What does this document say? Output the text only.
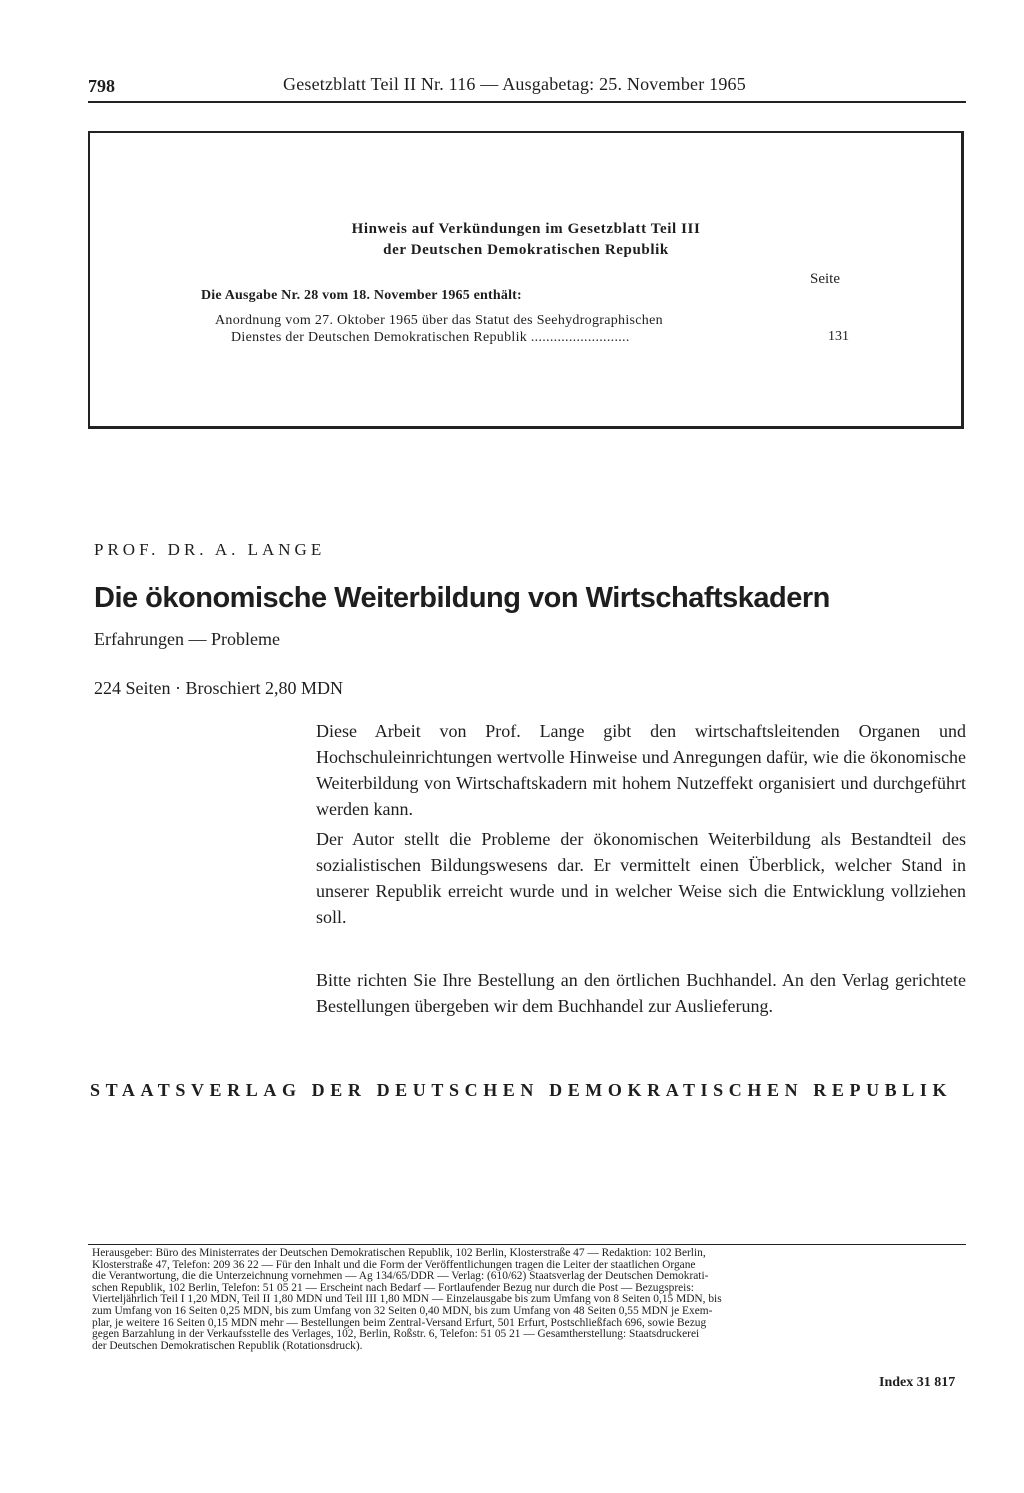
798	Gesetzblatt Teil II Nr. 116 — Ausgabetag: 25. November 1965
Hinweis auf Verkündungen im Gesetzblatt Teil III
der Deutschen Demokratischen Republik
Seite
Die Ausgabe Nr. 28 vom 18. November 1965 enthält:
Anordnung vom 27. Oktober 1965 über das Statut des Seehydrographischen
Dienstes der Deutschen Demokratischen Republik ..........................	131
PROF. DR. A. LANGE
Die ökonomische Weiterbildung von Wirtschaftskadern
Erfahrungen — Probleme
224 Seiten · Broschiert 2,80 MDN

Diese Arbeit von Prof. Lange gibt den wirtschaftsleitenden Organen und Hochschuleinrichtungen wertvolle Hinweise und Anregungen dafür, wie die ökonomische Weiterbildung von Wirtschaftskadern mit hohem Nutzeffekt organisiert und durchgeführt werden kann.

Der Autor stellt die Probleme der ökonomischen Weiterbildung als Bestandteil des sozialistischen Bildungswesens dar. Er vermittelt einen Überblick, welcher Stand in unserer Republik erreicht wurde und in welcher Weise sich die Entwicklung vollziehen soll.

Bitte richten Sie Ihre Bestellung an den örtlichen Buchhandel. An den Verlag gerichtete Bestellungen übergeben wir dem Buchhandel zur Auslieferung.

STAATSVERLAG DER DEUTSCHEN DEMOKRATISCHEN REPUBLIK
Herausgeber: Büro des Ministerrates der Deutschen Demokratischen Republik, 102 Berlin, Klosterstraße 47 — Redaktion: 102 Berlin,
Klosterstraße 47, Telefon: 209 36 22 — Für den Inhalt und die Form der Veröffentlichungen tragen die Leiter der staatlichen Organe
die Verantwortung, die die Unterzeichnung vornehmen — Ag 134/65/DDR — Verlag: (610/62) Staatsverlag der Deutschen Demokrati-
schen Republik, 102 Berlin, Telefon: 51 05 21 — Erscheint nach Bedarf — Fortlaufender Bezug nur durch die Post — Bezugspreis:
Vierteljährlich Teil I 1,20 MDN, Teil II 1,80 MDN und Teil III 1,80 MDN — Einzelausgabe bis zum Umfang von 8 Seiten 0,15 MDN, bis
zum Umfang von 16 Seiten 0,25 MDN, bis zum Umfang von 32 Seiten 0,40 MDN, bis zum Umfang von 48 Seiten 0,55 MDN je Exem-
plar, je weitere 16 Seiten 0,15 MDN mehr — Bestellungen beim Zentral-Versand Erfurt, 501 Erfurt, Postschließfach 696, sowie Bezug
gegen Barzahlung in der Verkaufsstelle des Verlages, 102, Berlin, Roßstr. 6, Telefon: 51 05 21 — Gesamtherstellung: Staatsdruckerei
der Deutschen Demokratischen Republik (Rotationsdruck).
Index 31 817
